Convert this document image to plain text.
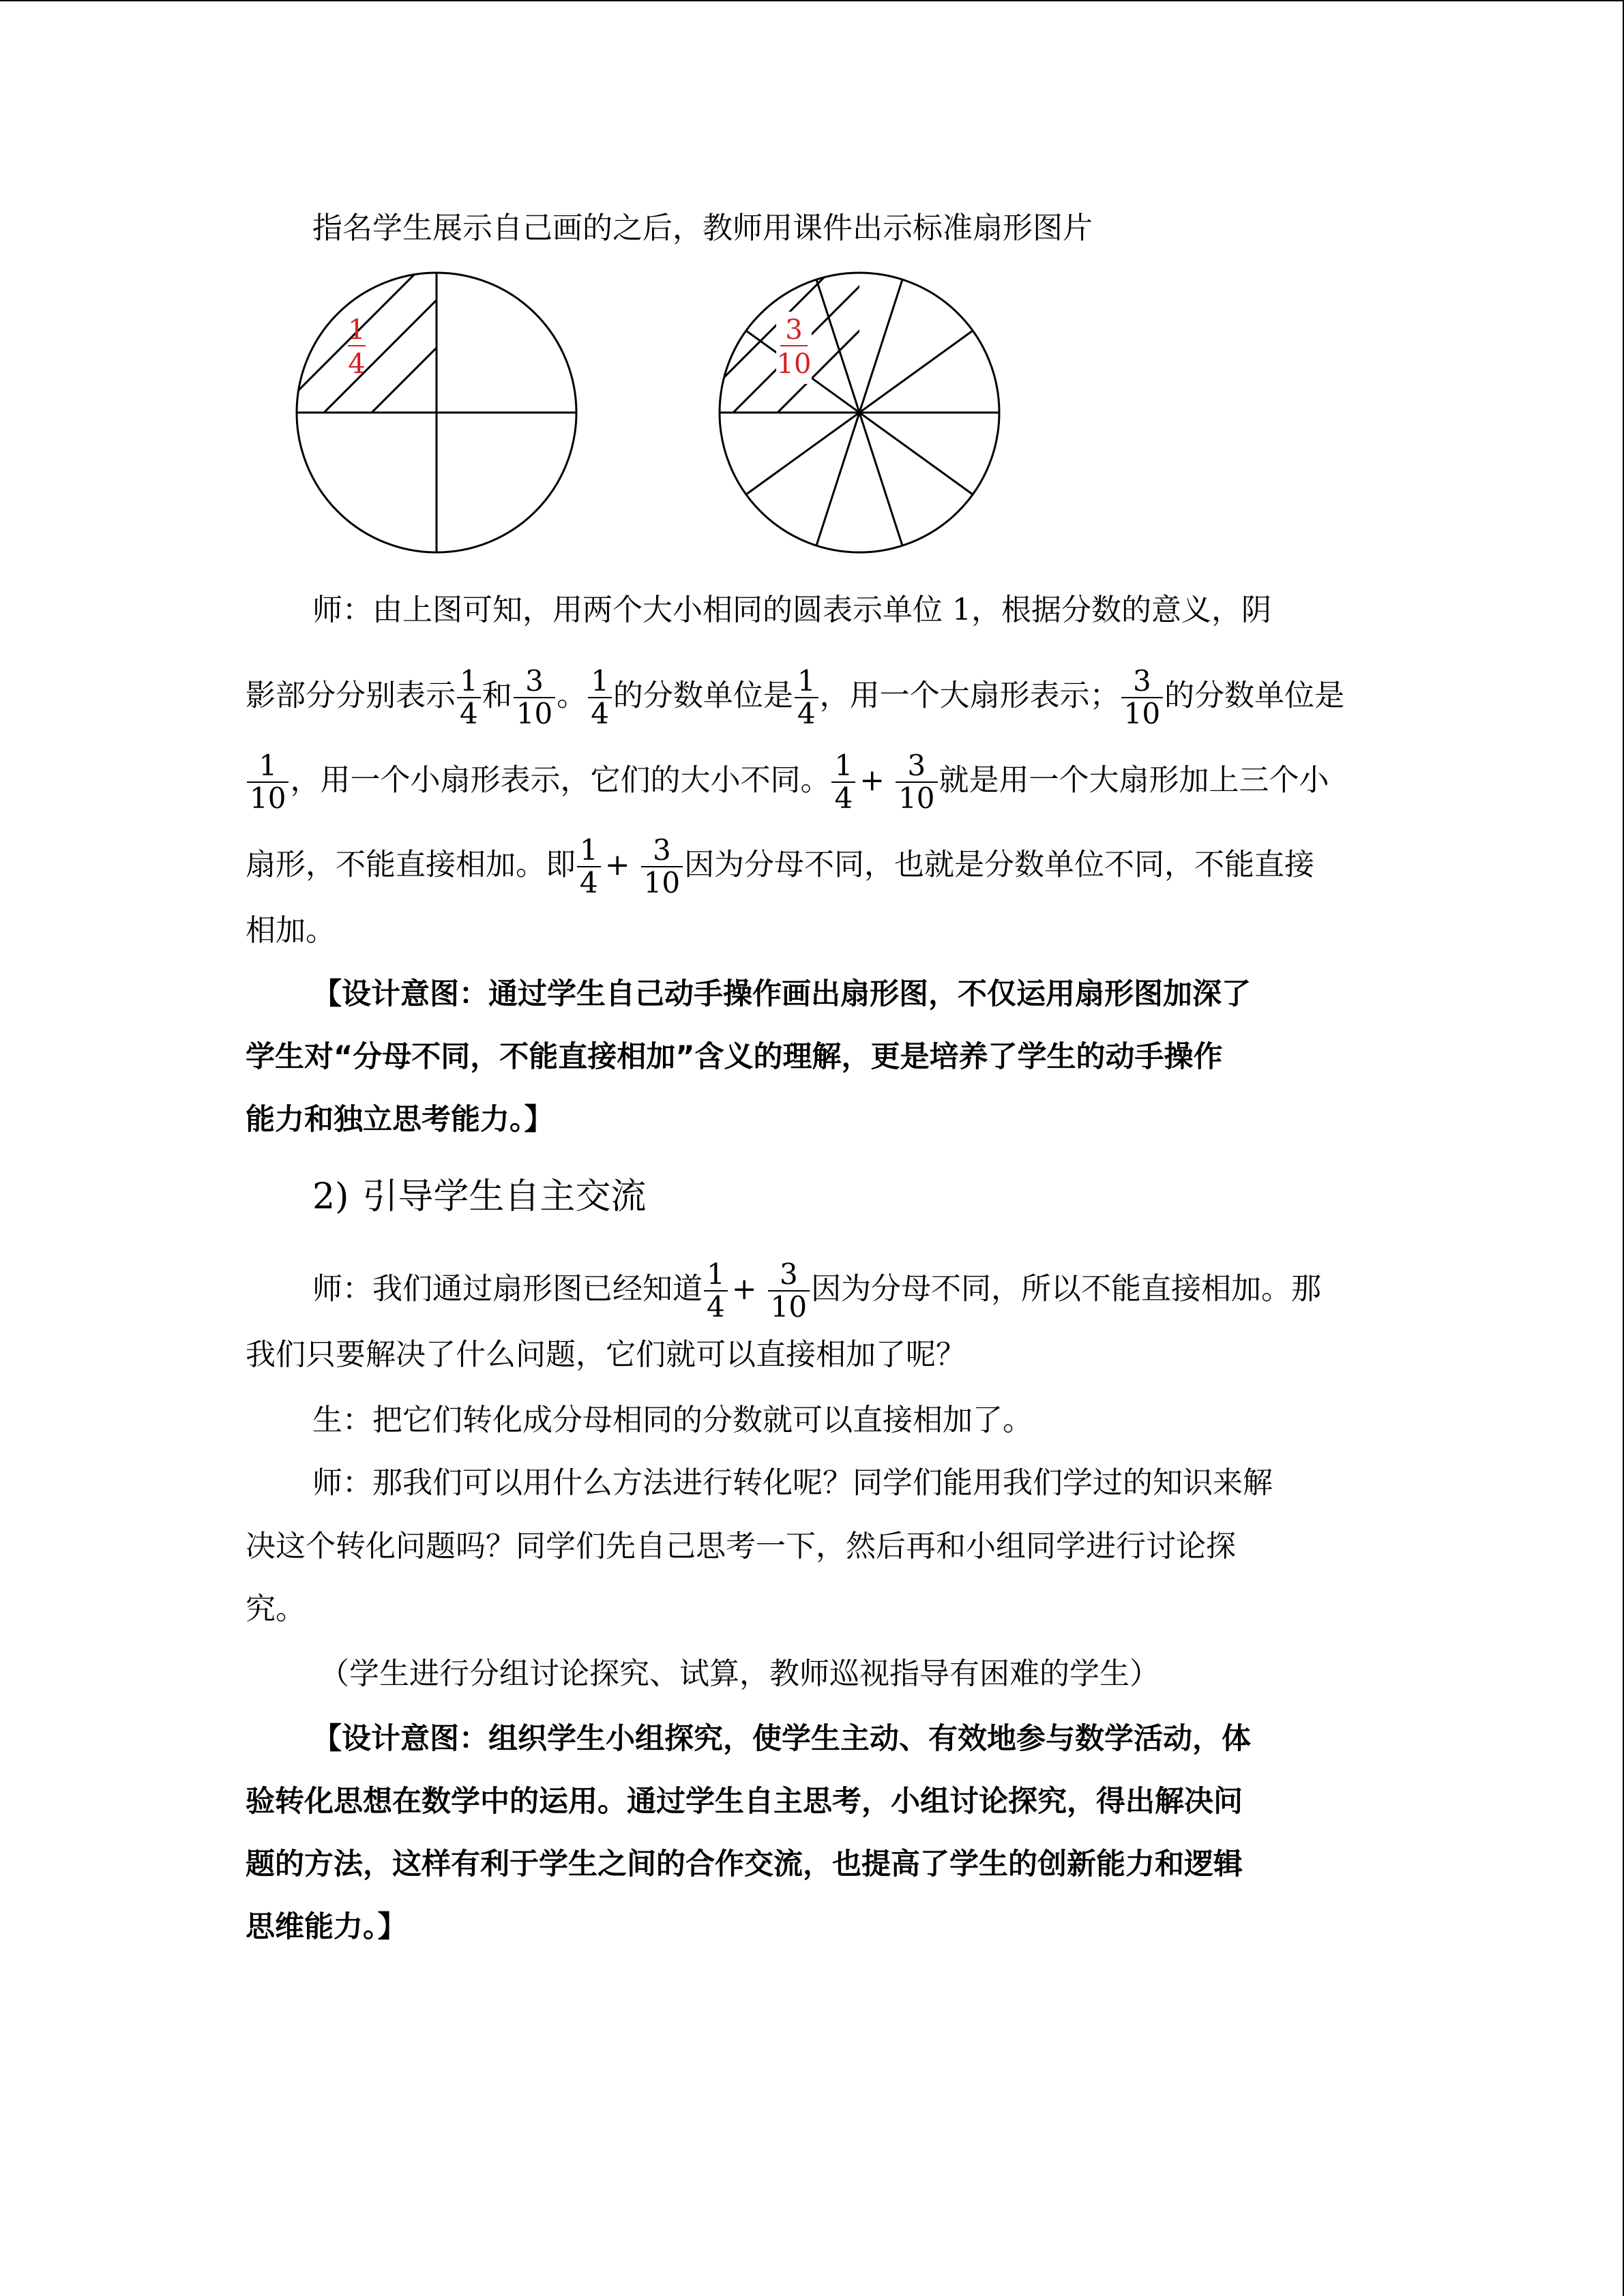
指名学生展示自己画的之后，教师用课件出示标准扇形图片
1
4
3
10
师：由上图可知，用两个大小相同的圆表示单位 1，根据分数的意义，阴
影部分分别表示 $\frac{1}{4}$ 和 $\frac{3}{10}$ 。 $\frac{1}{4}$ 的分数单位是 $\frac{1}{4}$ ，用一个大扇形表示； $\frac{3}{10}$ 的分数单位是
$\frac{1}{10}$ ，用一个小扇形表示，它们的大小不同。 $\frac{1}{4} + \frac{3}{10}$ 就是用一个大扇形加上三个小
扇形，不能直接相加。即 $\frac{1}{4} + \frac{3}{10}$ 因为分母不同，也就是分数单位不同，不能直接
相加。
【设计意图：通过学生自己动手操作画出扇形图，不仅运用扇形图加深了
学生对“分母不同，不能直接相加”含义的理解，更是培养了学生的动手操作
能力和独立思考能力。】
2) 引导学生自主交流
师：我们通过扇形图已经知道 $\frac{1}{4} + \frac{3}{10}$ 因为分母不同，所以不能直接相加。那
我们只要解决了什么问题，它们就可以直接相加了呢？
生：把它们转化成分母相同的分数就可以直接相加了。
师：那我们可以用什么方法进行转化呢？同学们能用我们学过的知识来解
决这个转化问题吗？同学们先自己思考一下，然后再和小组同学进行讨论探
究。
（学生进行分组讨论探究、试算，教师巡视指导有困难的学生）
【设计意图：组织学生小组探究，使学生主动、有效地参与数学活动，体
验转化思想在数学中的运用。通过学生自主思考，小组讨论探究，得出解决问
题的方法，这样有利于学生之间的合作交流，也提高了学生的创新能力和逻辑
思维能力。】
